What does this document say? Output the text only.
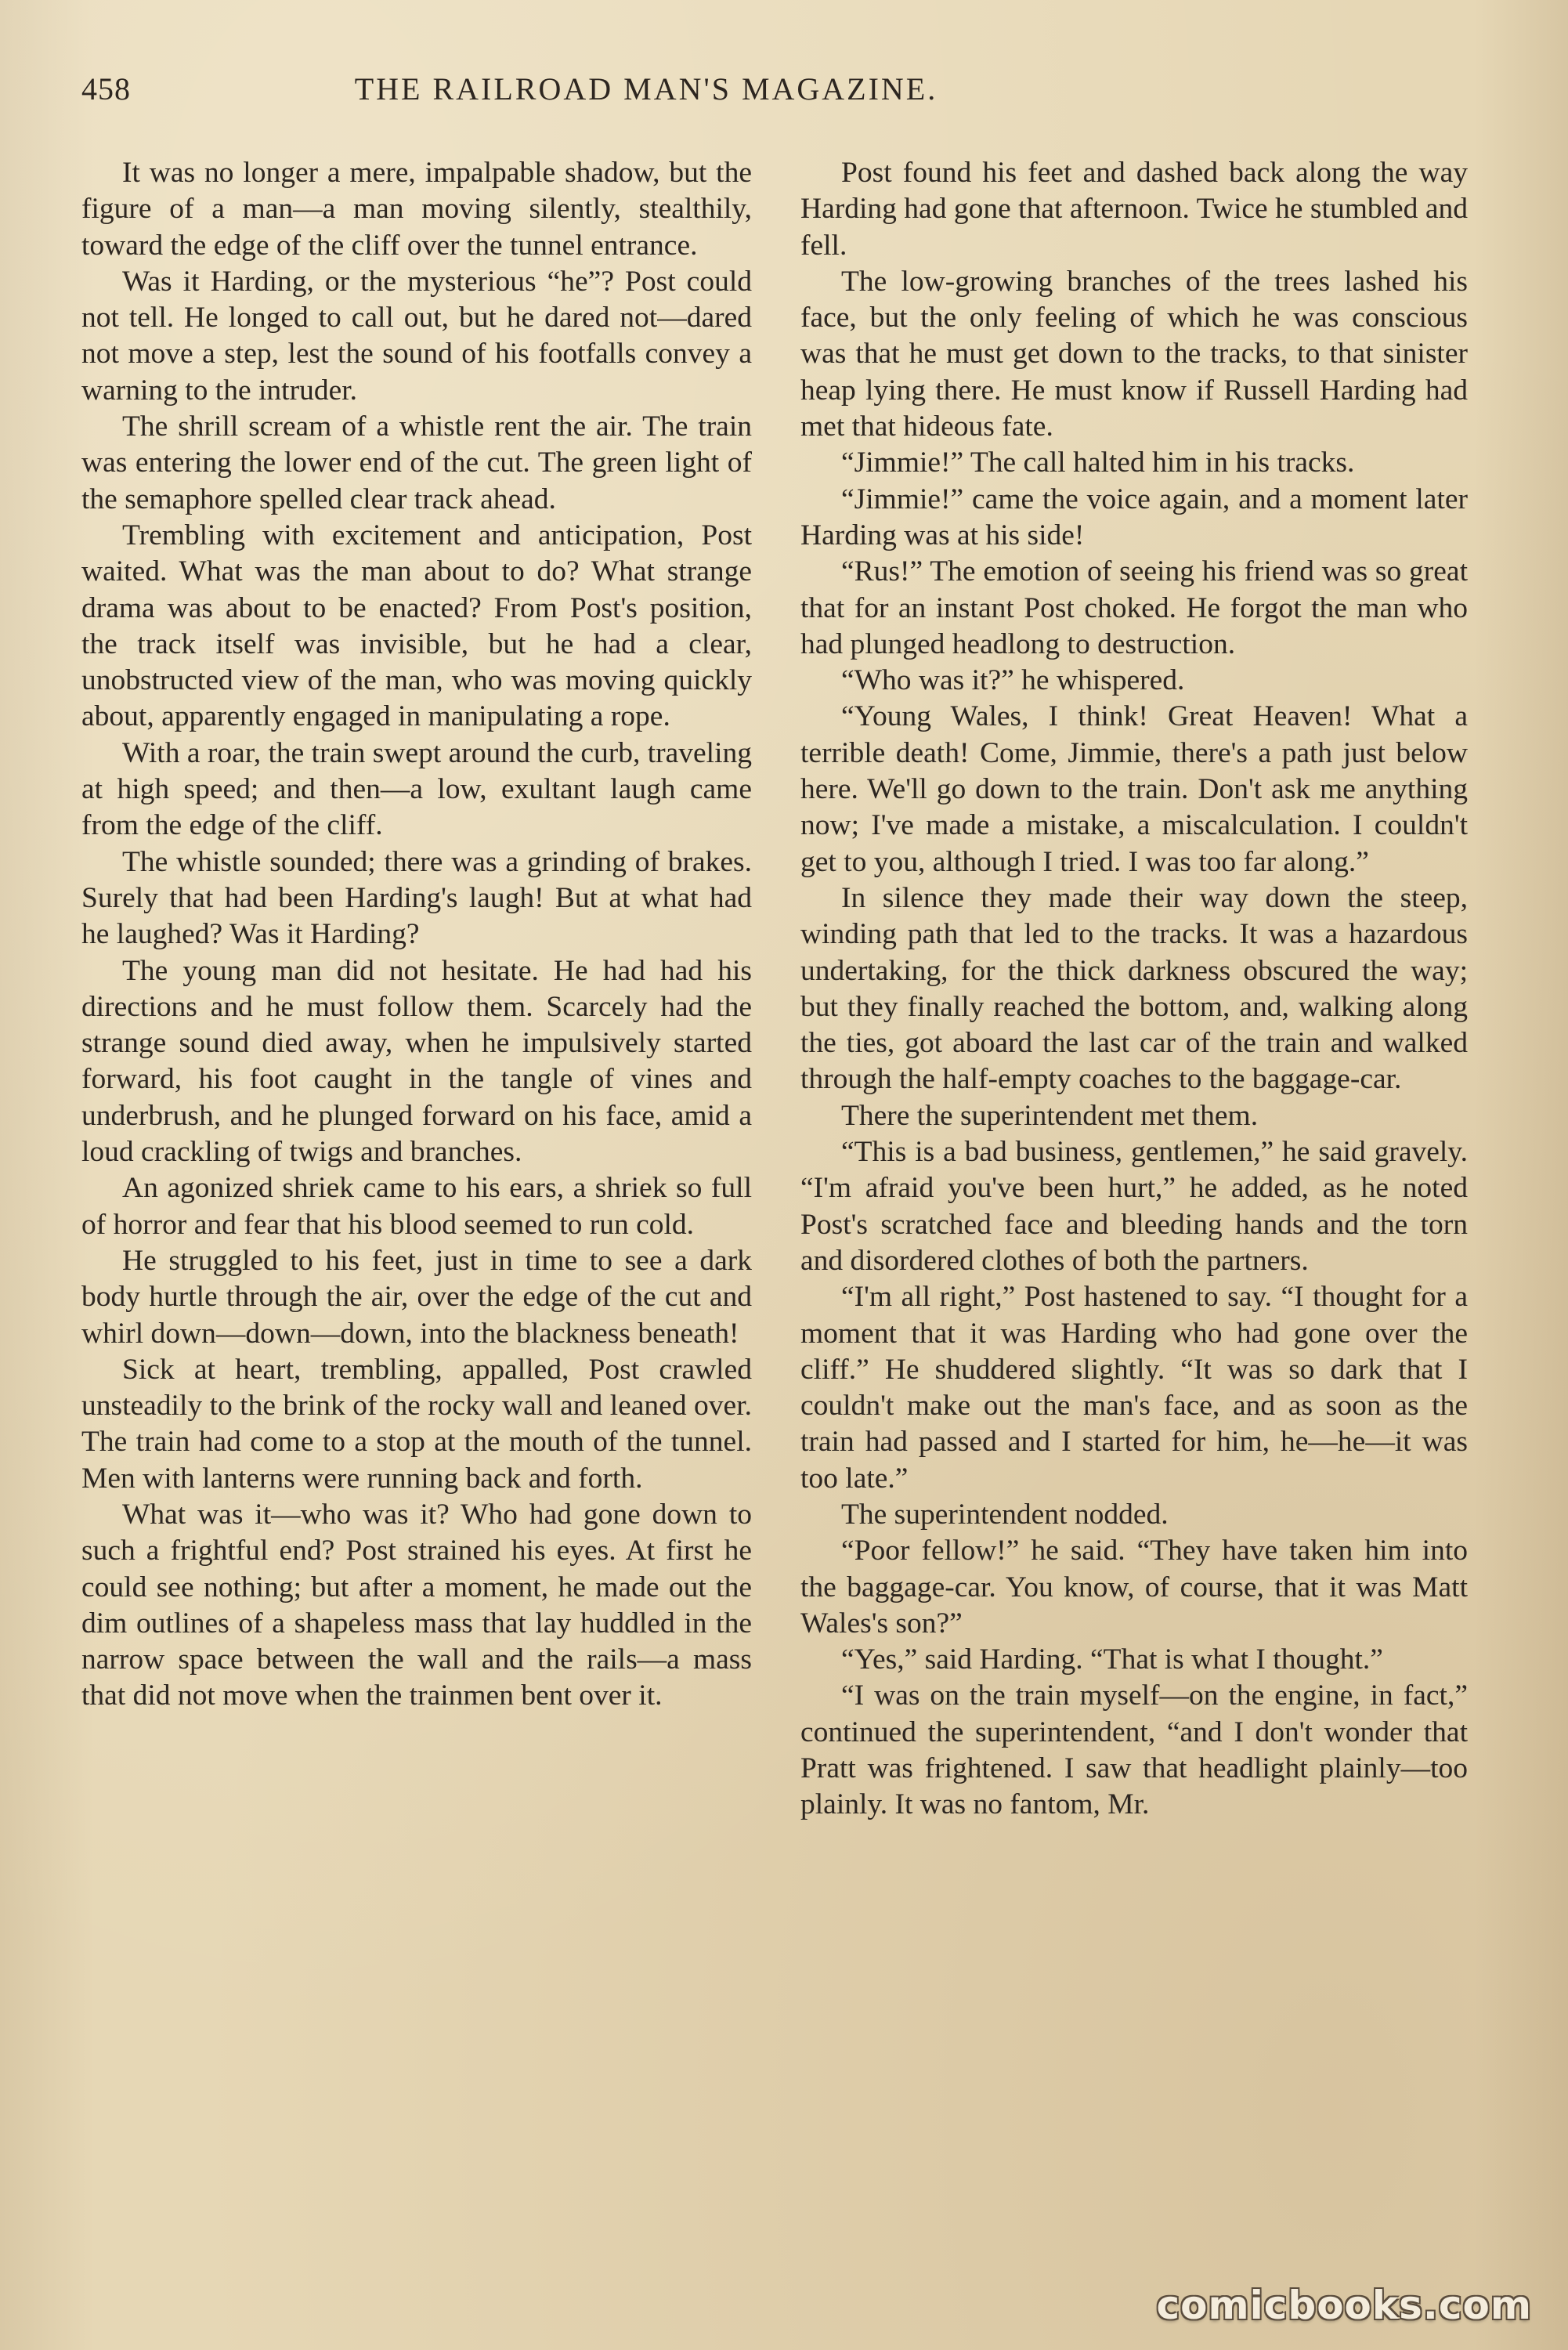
458	THE RAILROAD MAN'S MAGAZINE.

It was no longer a mere, impalpable shadow, but the figure of a man—a man moving silently, stealthily, toward the edge of the cliff over the tunnel entrance.

Was it Harding, or the mysterious “he”? Post could not tell. He longed to call out, but he dared not—dared not move a step, lest the sound of his footfalls convey a warning to the intruder.

The shrill scream of a whistle rent the air. The train was entering the lower end of the cut. The green light of the semaphore spelled clear track ahead.

Trembling with excitement and anticipation, Post waited. What was the man about to do? What strange drama was about to be enacted? From Post's position, the track itself was invisible, but he had a clear, unobstructed view of the man, who was moving quickly about, apparently engaged in manipulating a rope.

With a roar, the train swept around the curb, traveling at high speed; and then—a low, exultant laugh came from the edge of the cliff.

The whistle sounded; there was a grinding of brakes. Surely that had been Harding's laugh! But at what had he laughed? Was it Harding?

The young man did not hesitate. He had had his directions and he must follow them. Scarcely had the strange sound died away, when he impulsively started forward, his foot caught in the tangle of vines and underbrush, and he plunged forward on his face, amid a loud crackling of twigs and branches.

An agonized shriek came to his ears, a shriek so full of horror and fear that his blood seemed to run cold.

He struggled to his feet, just in time to see a dark body hurtle through the air, over the edge of the cut and whirl down—down—down, into the blackness beneath!

Sick at heart, trembling, appalled, Post crawled unsteadily to the brink of the rocky wall and leaned over. The train had come to a stop at the mouth of the tunnel. Men with lanterns were running back and forth.

What was it—who was it? Who had gone down to such a frightful end? Post strained his eyes. At first he could see nothing; but after a moment, he made out the dim outlines of a shapeless mass that lay huddled in the narrow space between the wall and the rails—a mass that did not move when the trainmen bent over it.

Post found his feet and dashed back along the way Harding had gone that afternoon. Twice he stumbled and fell.

The low-growing branches of the trees lashed his face, but the only feeling of which he was conscious was that he must get down to the tracks, to that sinister heap lying there. He must know if Russell Harding had met that hideous fate.

“Jimmie!” The call halted him in his tracks.

“Jimmie!” came the voice again, and a moment later Harding was at his side!

“Rus!” The emotion of seeing his friend was so great that for an instant Post choked. He forgot the man who had plunged headlong to destruction.

“Who was it?” he whispered.

“Young Wales, I think! Great Heaven! What a terrible death! Come, Jimmie, there's a path just below here. We'll go down to the train. Don't ask me anything now; I've made a mistake, a miscalculation. I couldn't get to you, although I tried. I was too far along.”

In silence they made their way down the steep, winding path that led to the tracks. It was a hazardous undertaking, for the thick darkness obscured the way; but they finally reached the bottom, and, walking along the ties, got aboard the last car of the train and walked through the half-empty coaches to the baggage-car.

There the superintendent met them.

“This is a bad business, gentlemen,” he said gravely. “I'm afraid you've been hurt,” he added, as he noted Post's scratched face and bleeding hands and the torn and disordered clothes of both the partners.

“I'm all right,” Post hastened to say. “I thought for a moment that it was Harding who had gone over the cliff.” He shuddered slightly. “It was so dark that I couldn't make out the man's face, and as soon as the train had passed and I started for him, he—he—it was too late.”

The superintendent nodded.

“Poor fellow!” he said. “They have taken him into the baggage-car. You know, of course, that it was Matt Wales's son?”

“Yes,” said Harding. “That is what I thought.”

“I was on the train myself—on the engine, in fact,” continued the superintendent, “and I don't wonder that Pratt was frightened. I saw that headlight plainly—too plainly. It was no fantom, Mr.

comicbooks.com
